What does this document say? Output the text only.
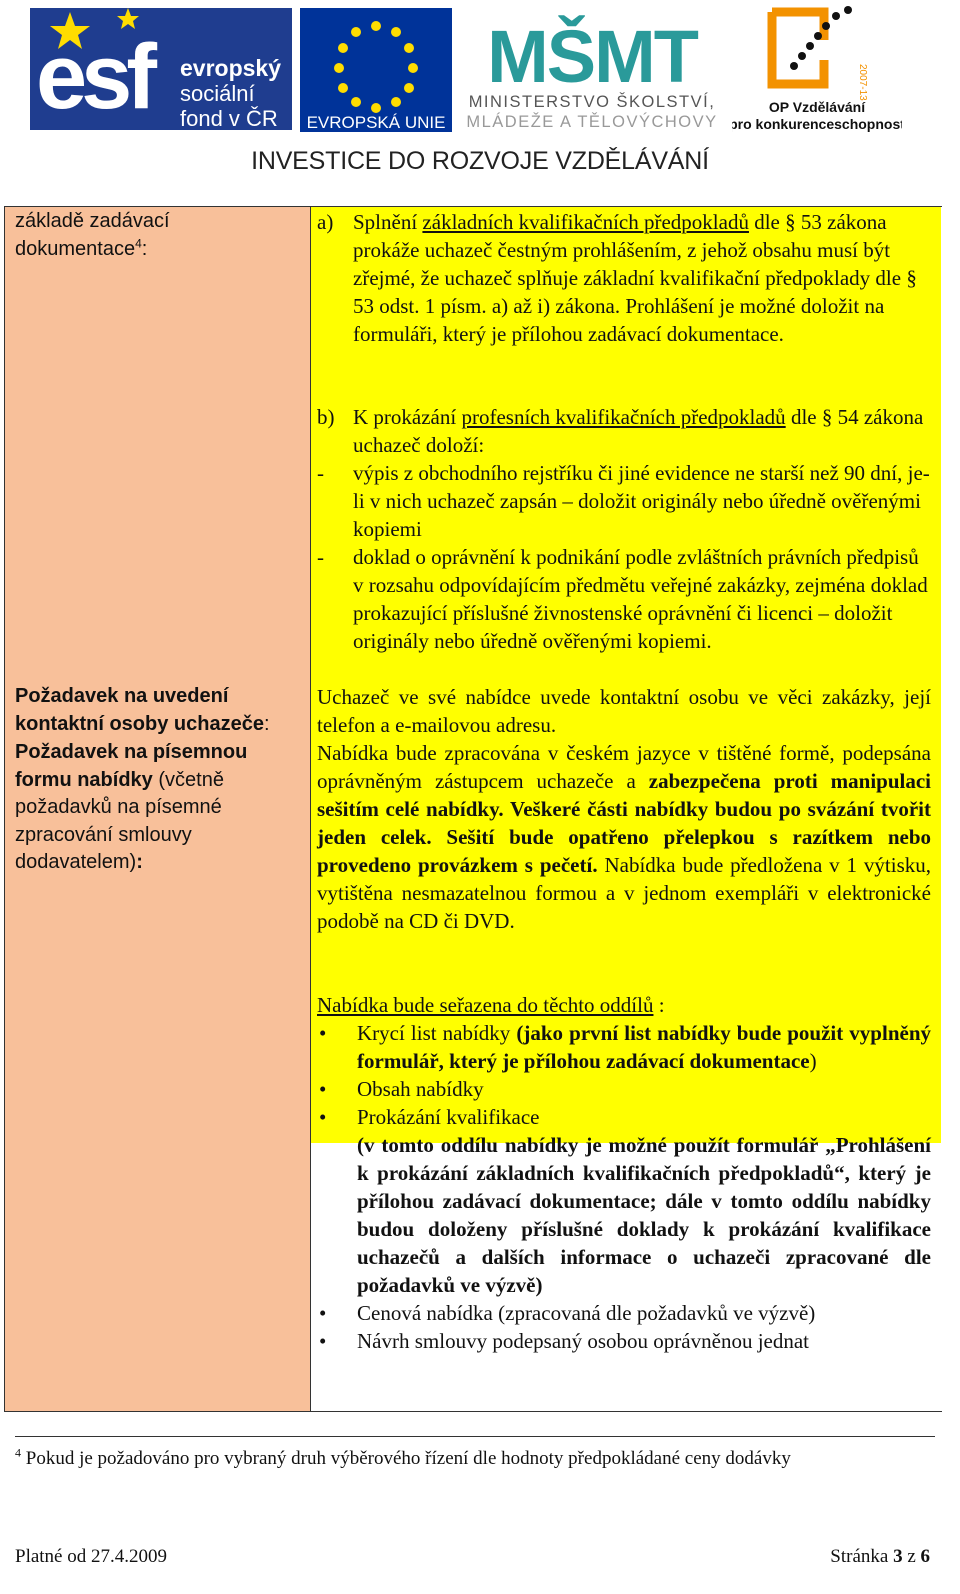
esf evropský
sociální
fond v ČR EVROPSKÁ UNIE
MŠMT
MINISTERSTVO ŠKOLSTVÍ,
MLÁDEŽE A TĚLOVÝCHOVY
2007-13
OP Vzdělávání
pro konkurenceschopnost
INVESTICE DO ROZVOJE VZDĚLÁVÁNÍ
základě zadávací
dokumentace$^4$:
Požadavek na uvedení
kontaktní osoby uchazeče:
Požadavek na písemnou
formu nabídky (včetně
požadavků na písemné
zpracování smlouvy
dodavatelem):
a) Splnění základních kvalifikačních předpokladů dle § 53 zákona prokáže uchazeč čestným prohlášením, z jehož obsahu musí být zřejmé, že uchazeč splňuje základní kvalifikační předpoklady dle § 53 odst. 1 písm. a) až i) zákona. Prohlášení je možné doložit na formuláři, který je přílohou zadávací dokumentace.
b) K prokázání profesních kvalifikačních předpokladů dle § 54 zákona uchazeč doloží:
- výpis z obchodního rejstříku či jiné evidence ne starší než 90 dní, je-li v nich uchazeč zapsán – doložit originály nebo úředně ověřenými kopiemi
- doklad o oprávnění k podnikání podle zvláštních právních předpisů v rozsahu odpovídajícím předmětu veřejné zakázky, zejména doklad prokazující příslušné živnostenské oprávnění či licenci – doložit originály nebo úředně ověřenými kopiemi.
Uchazeč ve své nabídce uvede kontaktní osobu ve věci zakázky, její telefon a e-mailovou adresu.
Nabídka bude zpracována v českém jazyce v tištěné formě, podepsána oprávněným zástupcem uchazeče a zabezpečena proti manipulaci sešitím celé nabídky. Veškeré části nabídky budou po svázání tvořit jeden celek. Sešití bude opatřeno přelepkou s razítkem nebo provedeno provázkem s pečetí. Nabídka bude předložena v 1 výtisku, vytištěna nesmazatelnou formou a v jednom exempláři v elektronické podobě na CD či DVD.
Nabídka bude seřazena do těchto oddílů :
• Krycí list nabídky (jako první list nabídky bude použit vyplněný formulář, který je přílohou zadávací dokumentace)
• Obsah nabídky
• Prokázání kvalifikace
(v tomto oddílu nabídky je možné použít formulář „Prohlášení k prokázání základních kvalifikačních předpokladů“, který je přílohou zadávací dokumentace; dále v tomto oddílu nabídky budou doloženy příslušné doklady k prokázání kvalifikace uchazečů a dalších informace o uchazeči zpracované dle požadavků ve výzvě)
• Cenová nabídka (zpracovaná dle požadavků ve výzvě)
• Návrh smlouvy podepsaný osobou oprávněnou jednat
$^4$ Pokud je požadováno pro vybraný druh výběrového řízení dle hodnoty předpokládané ceny dodávky
Platné od 27.4.2009	Stránka 3 z 6
